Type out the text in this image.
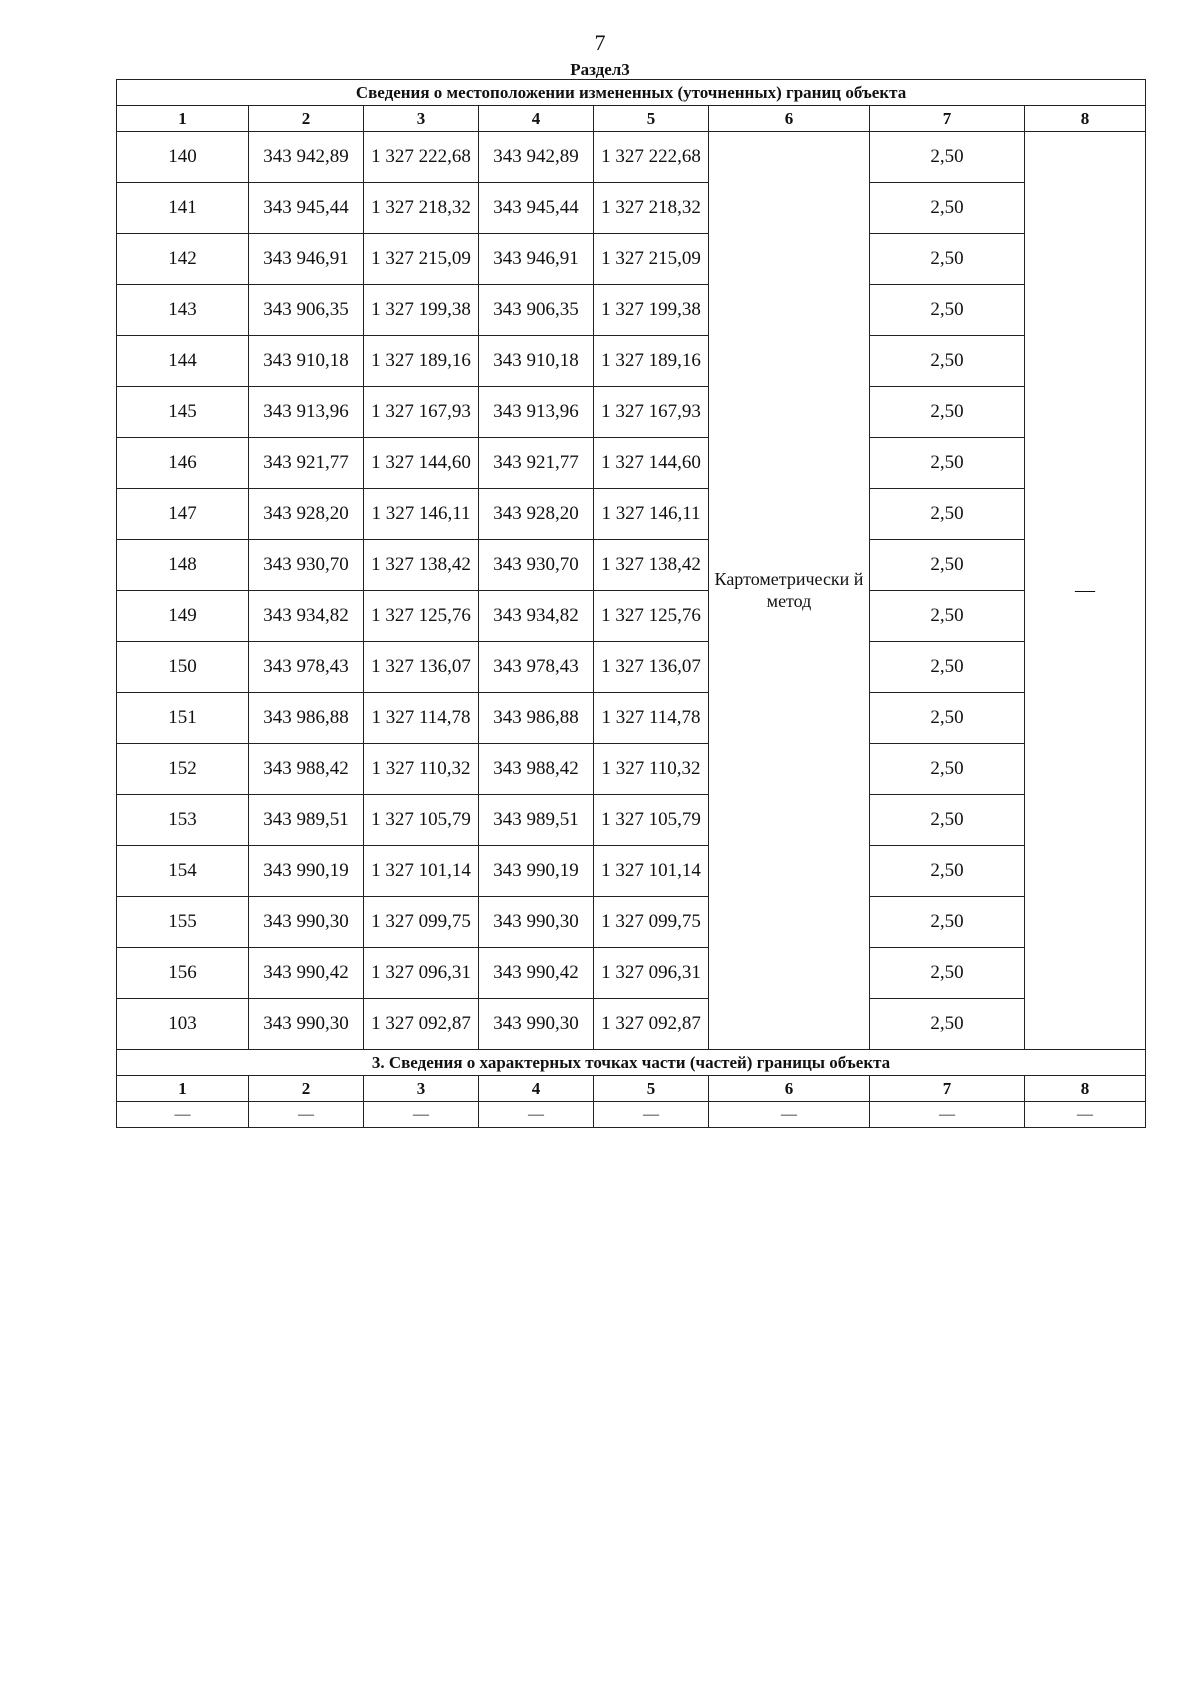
7
Раздел3
Сведения о местоположении измененных (уточненных) границ объекта							
1	2	3	4	5	6	7	8
140	343 942,89	1 327 222,68	343 942,89	1 327 222,68	Картометрически й метод	2,50	—
141	343 945,44	1 327 218,32	343 945,44	1 327 218,32		2,50	
142	343 946,91	1 327 215,09	343 946,91	1 327 215,09		2,50	
143	343 906,35	1 327 199,38	343 906,35	1 327 199,38		2,50	
144	343 910,18	1 327 189,16	343 910,18	1 327 189,16		2,50	
145	343 913,96	1 327 167,93	343 913,96	1 327 167,93		2,50	
146	343 921,77	1 327 144,60	343 921,77	1 327 144,60		2,50	
147	343 928,20	1 327 146,11	343 928,20	1 327 146,11		2,50	
148	343 930,70	1 327 138,42	343 930,70	1 327 138,42		2,50	
149	343 934,82	1 327 125,76	343 934,82	1 327 125,76		2,50	
150	343 978,43	1 327 136,07	343 978,43	1 327 136,07		2,50	
151	343 986,88	1 327 114,78	343 986,88	1 327 114,78		2,50	
152	343 988,42	1 327 110,32	343 988,42	1 327 110,32		2,50	
153	343 989,51	1 327 105,79	343 989,51	1 327 105,79		2,50	
154	343 990,19	1 327 101,14	343 990,19	1 327 101,14		2,50	
155	343 990,30	1 327 099,75	343 990,30	1 327 099,75		2,50	
156	343 990,42	1 327 096,31	343 990,42	1 327 096,31		2,50	
103	343 990,30	1 327 092,87	343 990,30	1 327 092,87		2,50	
3. Сведения о характерных точках части (частей) границы объекта							
1	2	3	4	5	6	7	8
—	—	—	—	—	—	—	—
